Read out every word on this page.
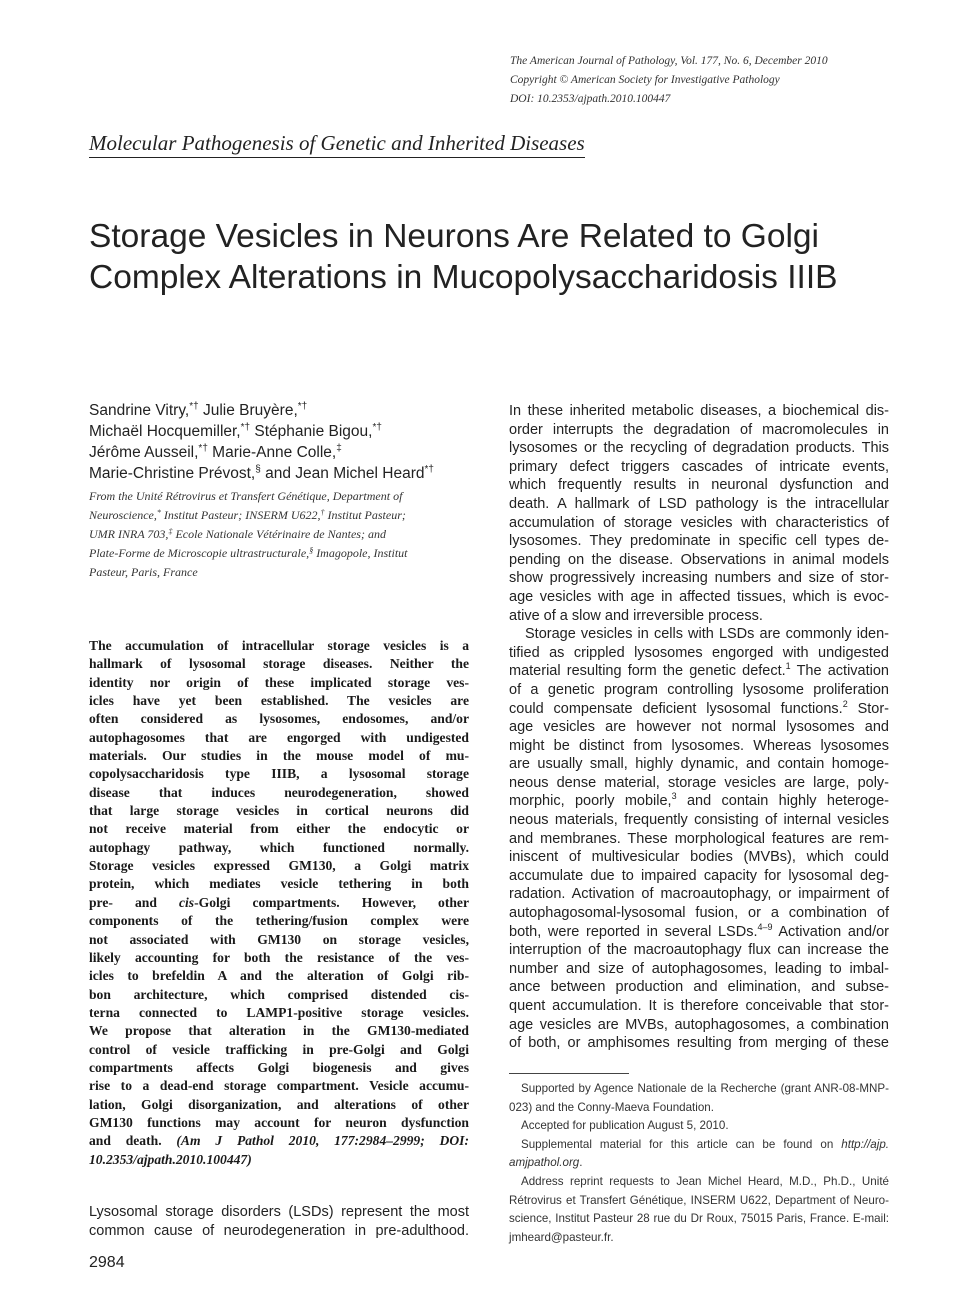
The American Journal of Pathology, Vol. 177, No. 6, December 2010
Copyright © American Society for Investigative Pathology
DOI: 10.2353/ajpath.2010.100447
Molecular Pathogenesis of Genetic and Inherited Diseases
Storage Vesicles in Neurons Are Related to Golgi
Complex Alterations in Mucopolysaccharidosis IIIB
Sandrine Vitry,*† Julie Bruyère,*†
Michaël Hocquemiller,*† Stéphanie Bigou,*†
Jérôme Ausseil,*† Marie-Anne Colle,‡
Marie-Christine Prévost,§ and Jean Michel Heard*†
From the Unité Rétrovirus et Transfert Génétique, Department of
Neuroscience,* Institut Pasteur; INSERM U622,† Institut Pasteur;
UMR INRA 703,‡ Ecole Nationale Vétérinaire de Nantes; and
Plate-Forme de Microscopie ultrastructurale,§ Imagopole, Institut
Pasteur, Paris, France
The accumulation of intracellular storage vesicles is a
hallmark of lysosomal storage diseases. Neither the
identity nor origin of these implicated storage ves-
icles have yet been established. The vesicles are
often considered as lysosomes, endosomes, and/or
autophagosomes that are engorged with undigested
materials. Our studies in the mouse model of mu-
copolysaccharidosis type IIIB, a lysosomal storage
disease that induces neurodegeneration, showed
that large storage vesicles in cortical neurons did
not receive material from either the endocytic or
autophagy pathway, which functioned normally.
Storage vesicles expressed GM130, a Golgi matrix
protein, which mediates vesicle tethering in both
pre- and cis-Golgi compartments. However, other
components of the tethering/fusion complex were
not associated with GM130 on storage vesicles,
likely accounting for both the resistance of the ves-
icles to brefeldin A and the alteration of Golgi rib-
bon architecture, which comprised distended cis-
terna connected to LAMP1-positive storage vesicles.
We propose that alteration in the GM130-mediated
control of vesicle trafficking in pre-Golgi and Golgi
compartments affects Golgi biogenesis and gives
rise to a dead-end storage compartment. Vesicle accumu-
lation, Golgi disorganization, and alterations of other
GM130 functions may account for neuron dysfunction
and death. (Am J Pathol 2010, 177:2984–2999; DOI:
10.2353/ajpath.2010.100447)
Lysosomal storage disorders (LSDs) represent the most
common cause of neurodegeneration in pre-adulthood.
2984
In these inherited metabolic diseases, a biochemical dis-
order interrupts the degradation of macromolecules in
lysosomes or the recycling of degradation products. This
primary defect triggers cascades of intricate events,
which frequently results in neuronal dysfunction and
death. A hallmark of LSD pathology is the intracellular
accumulation of storage vesicles with characteristics of
lysosomes. They predominate in specific cell types de-
pending on the disease. Observations in animal models
show progressively increasing numbers and size of stor-
age vesicles with age in affected tissues, which is evoc-
ative of a slow and irreversible process.
Storage vesicles in cells with LSDs are commonly iden-
tified as crippled lysosomes engorged with undigested
material resulting form the genetic defect.$^1$ The activation
of a genetic program controlling lysosome proliferation
could compensate deficient lysosomal functions.$^2$ Stor-
age vesicles are however not normal lysosomes and
might be distinct from lysosomes. Whereas lysosomes
are usually small, highly dynamic, and contain homoge-
neous dense material, storage vesicles are large, poly-
morphic, poorly mobile,$^3$ and contain highly heteroge-
neous materials, frequently consisting of internal vesicles
and membranes. These morphological features are rem-
iniscent of multivesicular bodies (MVBs), which could
accumulate due to impaired capacity for lysosomal deg-
radation. Activation of macroautophagy, or impairment of
autophagosomal-lysosomal fusion, or a combination of
both, were reported in several LSDs.$^{4-9}$ Activation and/or
interruption of the macroautophagy flux can increase the
number and size of autophagosomes, leading to imbal-
ance between production and elimination, and subse-
quent accumulation. It is therefore conceivable that stor-
age vesicles are MVBs, autophagosomes, a combination
of both, or amphisomes resulting from merging of these
Supported by Agence Nationale de la Recherche (grant ANR-08-MNP-
023) and the Conny-Maeva Foundation.
Accepted for publication August 5, 2010.
Supplemental material for this article can be found on http://ajp.
amjpathol.org.
Address reprint requests to Jean Michel Heard, M.D., Ph.D., Unité
Rétrovirus et Transfert Génétique, INSERM U622, Department of Neuro-
science, Institut Pasteur 28 rue du Dr Roux, 75015 Paris, France. E-mail:
jmheard@pasteur.fr.
